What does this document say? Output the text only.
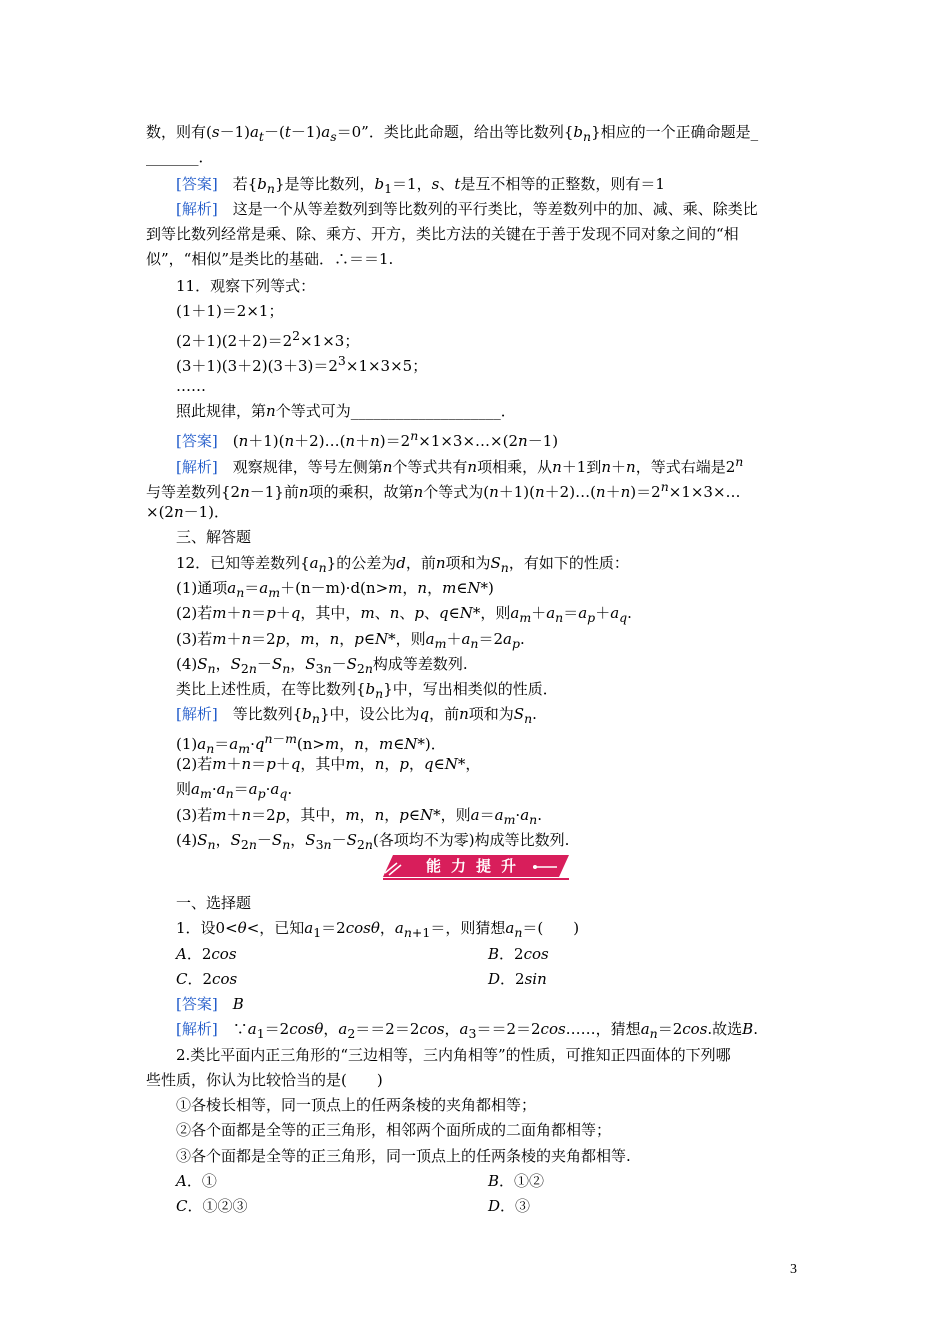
数，则有$(s-1)a_t-(t-1)a_s=0$”．类比此命题，给出等比数列$\{b_n\}$相应的一个正确命题是_
_______．
[答案]　若$\{b_n\}$是等比数列，$b_1=1$，s、t是互不相等的正整数，则有＝1
[解析]　这是一个从等差数列到等比数列的平行类比，等差数列中的加、减、乘、除类比
到等比数列经常是乘、除、乘方、开方，类比方法的关键在于善于发现不同对象之间的“相
似”，“相似”是类比的基础．∴＝＝1.
11．观察下列等式：
(1＋1)＝2×1；
$(2+1)(2+2)=2^2\times 1\times 3$；
$(3+1)(3+2)(3+3)=2^3\times 1\times 3\times 5$；
……
照此规律，第n个等式可为____________________．
[答案]　$(n+1)(n+2)\dots(n+n)=2^n\times 1\times 3\times\dots\times(2n-1)$
[解析]　观察规律，等号左侧第n个等式共有n项相乘，从n＋1到n＋n，等式右端是2$^n$
与等差数列{2n－1}前n项的乘积，故第n个等式为$(n+1)(n+2)\dots(n+n)=2^n\times 1\times 3\times\dots$
×(2n－1)．
三、解答题
12．已知等差数列$\{a_n\}$的公差为d，前n项和为$S_n$，有如下的性质：
(1)通项$a_n=a_m+(n-m)\cdot d(n>m$，n，m∈N*)
(2)若m＋n＝p＋q，其中，m、n、p、q∈N*，则$a_m+a_n=a_p+a_q$.
(3)若m＋n＝2p，m，n，p∈N*，则$a_m+a_n=2a_p$.
$(4)S_n$，$S_{2n}-S_n$，$S_{3n}-S_{2n}$构成等差数列.
类比上述性质，在等比数列$\{b_n\}$中，写出相类似的性质．
[解析]　等比数列$\{b_n\}$中，设公比为q，前n项和为$S_n$.
$(1)a_n=a_m\cdot q^{n-m}(n>m$，n，m∈N*)．
(2)若m＋n＝p＋q，其中m，n，p，q∈N*，
则$a_m\cdot a_n=a_p\cdot a_q$.
(3)若m＋n＝2p，其中，m，n，p∈N*，则$a=a_m\cdot a_n$.
$(4)S_n$，$S_{2n}-S_n$，$S_{3n}-S_{2n}$(各项均不为零)构成等比数列.
能力提升
一、选择题
1．设0<θ<，已知$a_1=2\cos\theta$，$a_{n+1}=$，则猜想$a_n=$(　　)
A．2cos	B．2cos
C．2cos	D．2sin
[答案]　 B
[解析]　$\because a_1=2\cos\theta$，$a_2==2=2\cos$，$a_3==2=2\cos\dots\dots$，猜想$a_n=2\cos$.故选B.
2.类比平面内正三角形的“三边相等，三内角相等”的性质，可推知正四面体的下列哪
些性质，你认为比较恰当的是(　　)
①各棱长相等，同一顶点上的任两条棱的夹角都相等；
②各个面都是全等的正三角形，相邻两个面所成的二面角都相等；
③各个面都是全等的正三角形，同一顶点上的任两条棱的夹角都相等.
A．①	B．①②
C．①②③	D．③
3
